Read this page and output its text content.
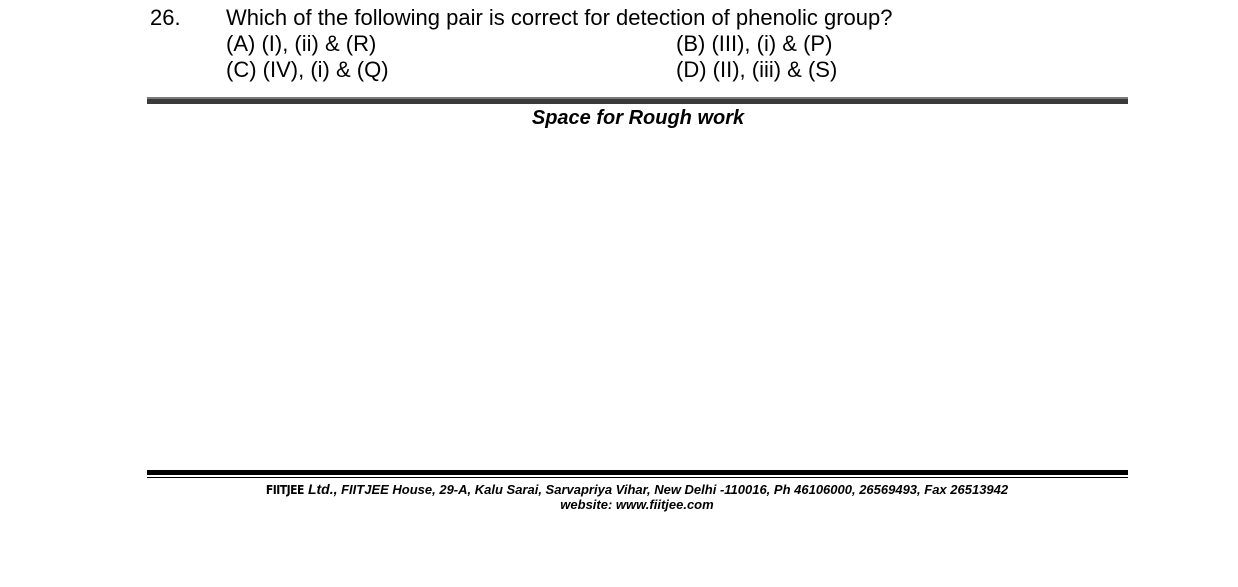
26. Which of the following pair is correct for detection of phenolic group?
(A) (I), (ii) & (R)	(B) (III), (i) & (P)
(C) (IV), (i) & (Q)	(D) (II), (iii) & (S)
Space for Rough work
FIITJEE Ltd., FIITJEE House, 29-A, Kalu Sarai, Sarvapriya Vihar, New Delhi -110016, Ph 46106000, 26569493, Fax 26513942
website: www.fiitjee.com
